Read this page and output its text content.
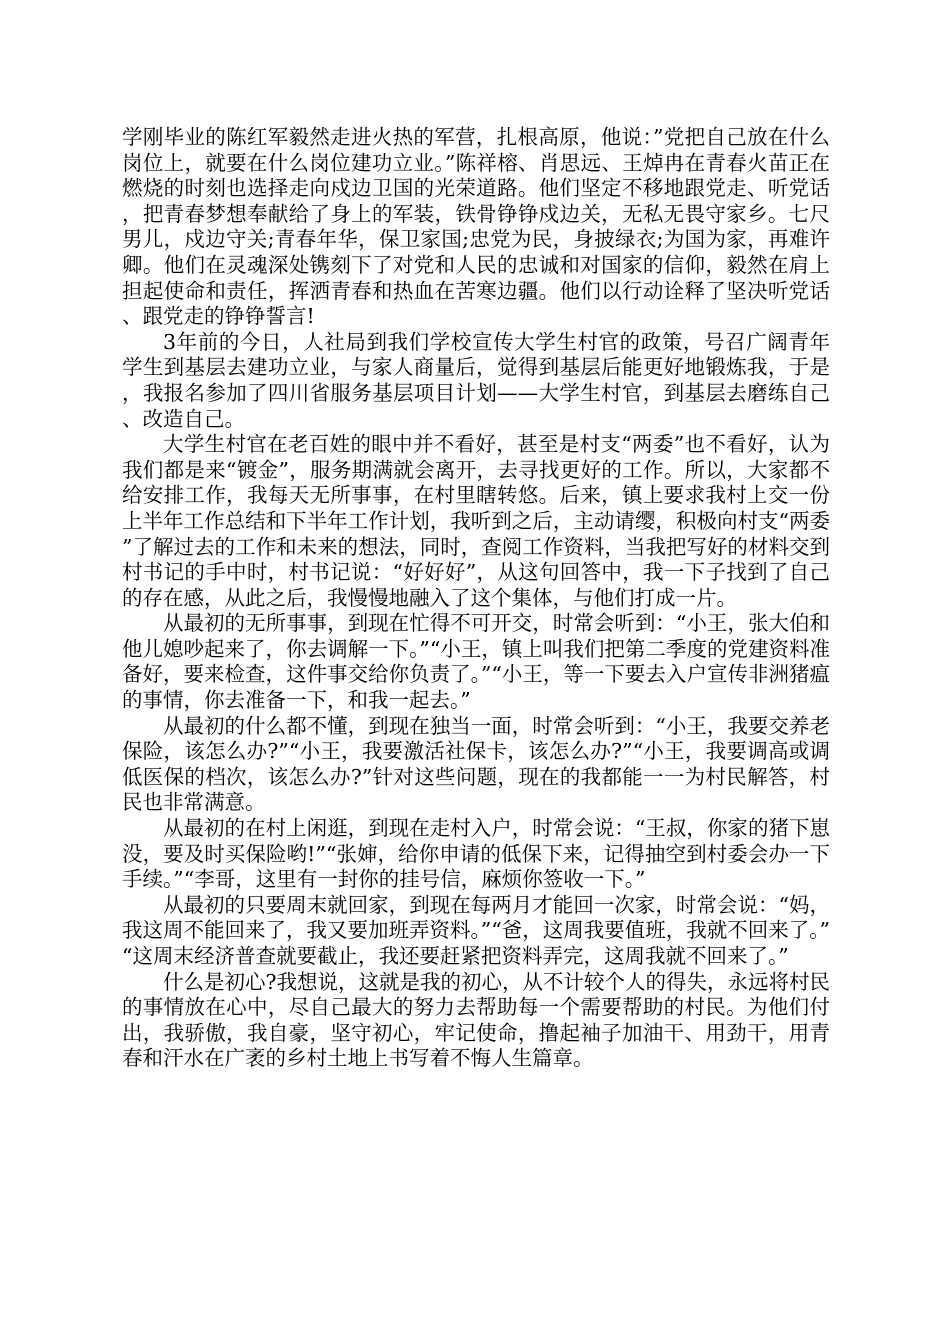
学刚毕业的陈红军毅然走进火热的军营，扎根高原，他说：”党把自己放在什么岗位上，就要在什么岗位建功立业。”陈祥榕、肖思远、王焯冉在青春火苗正在燃烧的时刻也选择走向戍边卫国的光荣道路。他们坚定不移地跟党走、听党话，把青春梦想奉献给了身上的军装，铁骨铮铮戍边关，无私无畏守家乡。七尺男儿，戍边守关;青春年华，保卫家国;忠党为民，身披绿衣;为国为家，再难许卿。他们在灵魂深处镌刻下了对党和人民的忠诚和对国家的信仰，毅然在肩上担起使命和责任，挥洒青春和热血在苦寒边疆。他们以行动诠释了坚决听党话、跟党走的铮铮誓言!

3年前的今日，人社局到我们学校宣传大学生村官的政策，号召广阔青年学生到基层去建功立业，与家人商量后，觉得到基层后能更好地锻炼我，于是，我报名参加了四川省服务基层项目计划——大学生村官，到基层去磨练自己、改造自己。

大学生村官在老百姓的眼中并不看好，甚至是村支“两委”也不看好，认为我们都是来“镀金”，服务期满就会离开，去寻找更好的工作。所以，大家都不给安排工作，我每天无所事事，在村里瞎转悠。后来，镇上要求我村上交一份上半年工作总结和下半年工作计划，我听到之后，主动请缨，积极向村支“两委”了解过去的工作和未来的想法，同时，查阅工作资料，当我把写好的材料交到村书记的手中时，村书记说：“好好好”，从这句回答中，我一下子找到了自己的存在感，从此之后，我慢慢地融入了这个集体，与他们打成一片。

从最初的无所事事，到现在忙得不可开交，时常会听到：“小王，张大伯和他儿媳吵起来了，你去调解一下。”“小王，镇上叫我们把第二季度的党建资料准备好，要来检查，这件事交给你负责了。”“小王，等一下要去入户宣传非洲猪瘟的事情，你去准备一下，和我一起去。”

从最初的什么都不懂，到现在独当一面，时常会听到：“小王，我要交养老保险，该怎么办?”“小王，我要激活社保卡，该怎么办?”“小王，我要调高或调低医保的档次，该怎么办?”针对这些问题，现在的我都能一一为村民解答，村民也非常满意。

从最初的在村上闲逛，到现在走村入户，时常会说：“王叔，你家的猪下崽没，要及时买保险哟!”“张婶，给你申请的低保下来，记得抽空到村委会办一下手续。”“李哥，这里有一封你的挂号信，麻烦你签收一下。”

从最初的只要周末就回家，到现在每两月才能回一次家，时常会说：“妈，我这周不能回来了，我又要加班弄资料。”“爸，这周我要值班，我就不回来了。”“这周末经济普查就要截止，我还要赶紧把资料弄完，这周我就不回来了。”

什么是初心?我想说，这就是我的初心，从不计较个人的得失，永远将村民的事情放在心中，尽自己最大的努力去帮助每一个需要帮助的村民。为他们付出，我骄傲，我自豪，坚守初心，牢记使命，撸起袖子加油干、用劲干，用青春和汗水在广袤的乡村土地上书写着不悔人生篇章。
